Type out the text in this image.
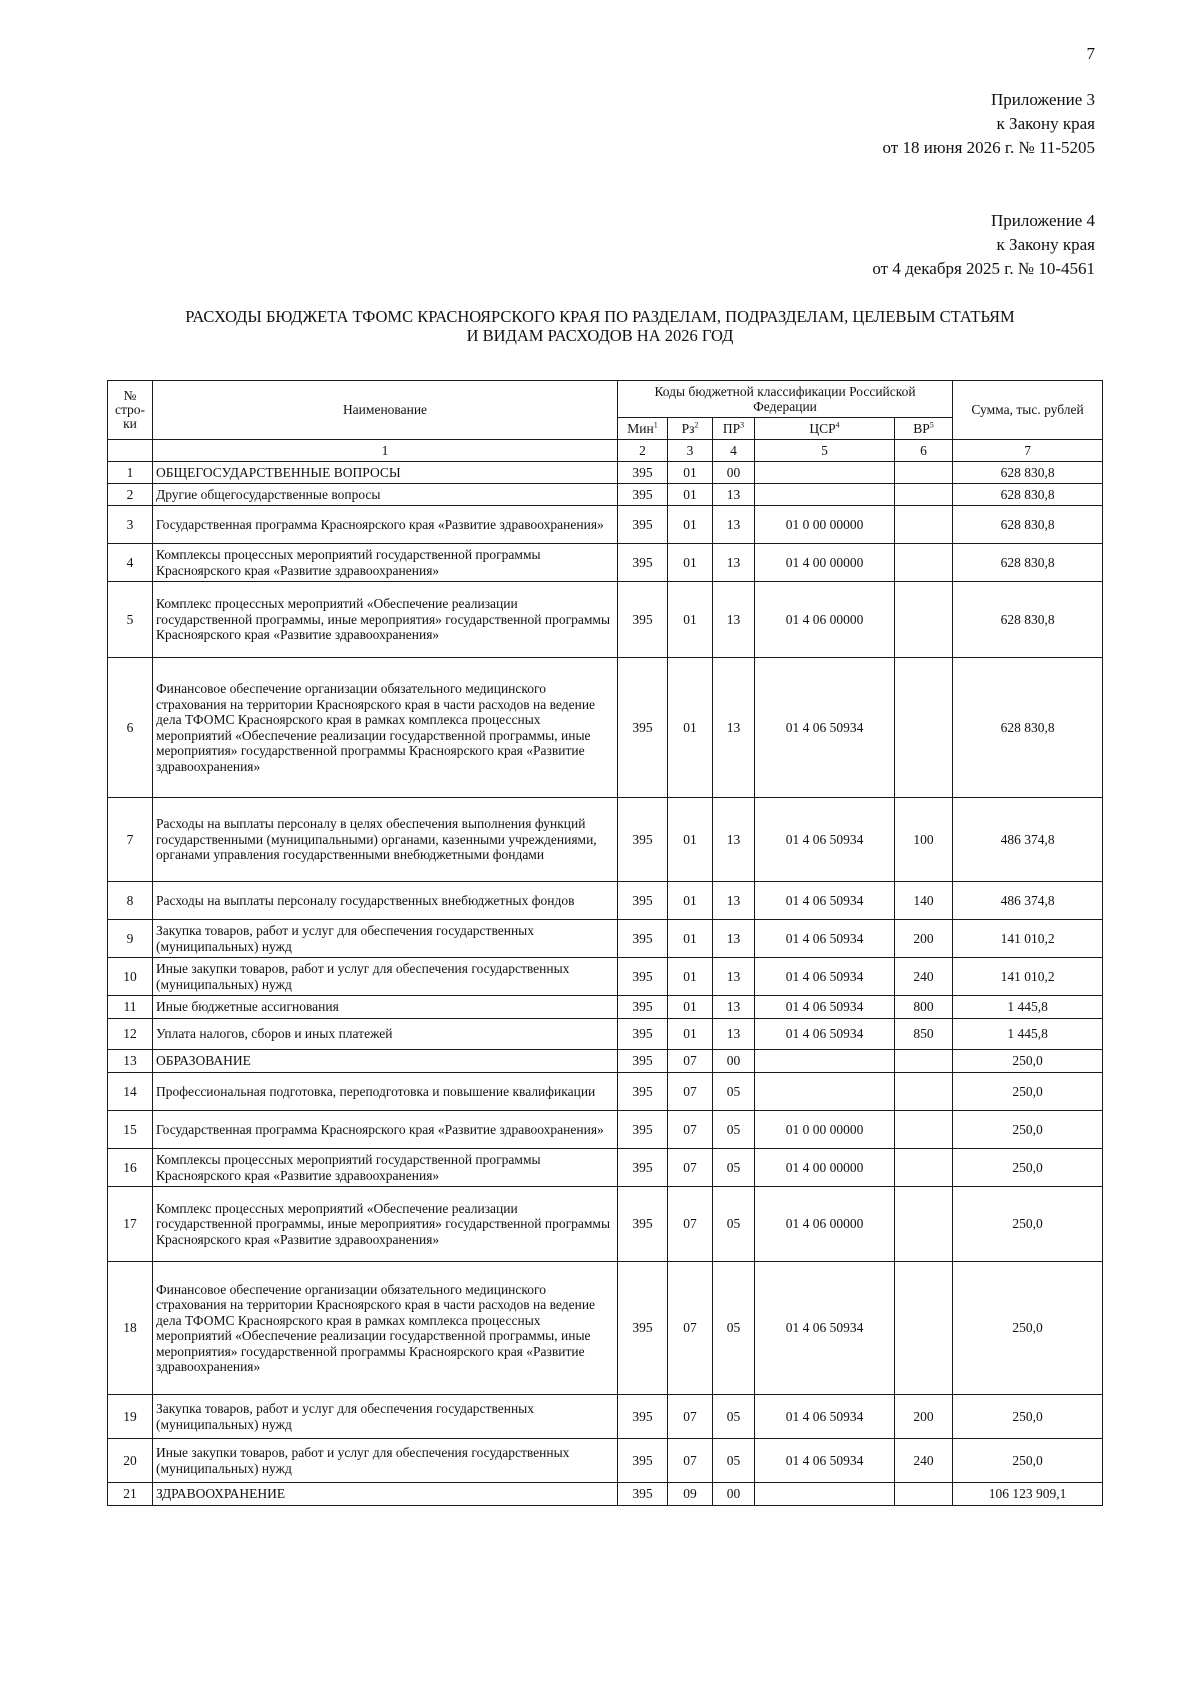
7
Приложение 3
к Закону края
от 18 июня 2026 г. № 11-5205
Приложение 4
к Закону края
от 4 декабря 2025 г. № 10-4561
РАСХОДЫ БЮДЖЕТА ТФОМС КРАСНОЯРСКОГО КРАЯ ПО РАЗДЕЛАМ, ПОДРАЗДЕЛАМ, ЦЕЛЕВЫМ СТАТЬЯМ
И ВИДАМ РАСХОДОВ НА 2026 ГОД
№
стро-
ки	Наименование	Коды бюджетной классификации Российской Федерации					Сумма, тыс. рублей
		Мин$^1$	$Рз^2$	$ПР^3$	ЦСР$^4$	$ВР^5$
	1	2	3	4	5	6	7
1	ОБЩЕГОСУДАРСТВЕННЫЕ ВОПРОСЫ	395	01	00			628 830,8
2	Другие общегосударственные вопросы	395	01	13			628 830,8
3	Государственная программа Красноярского края «Развитие здравоохранения»	395	01	13	01 0 00 00000		628 830,8
4	Комплексы процессных мероприятий государственной программы Красноярского края «Развитие здравоохранения»	395	01	13	01 4 00 00000		628 830,8
5	Комплекс процессных мероприятий «Обеспечение реализации государственной программы, иные мероприятия» государственной программы Красноярского края «Развитие здравоохранения»	395	01	13	01 4 06 00000		628 830,8
6	Финансовое обеспечение организации обязательного медицинского страхования на территории Красноярского края в части расходов на ведение дела ТФОМС Красноярского края в рамках комплекса процессных мероприятий «Обеспечение реализации государственной программы, иные мероприятия» государственной программы Красноярского края «Развитие здравоохранения»	395	01	13	01 4 06 50934		628 830,8
7	Расходы на выплаты персоналу в целях обеспечения выполнения функций государственными (муниципальными) органами, казенными учреждениями, органами управления государственными внебюджетными фондами	395	01	13	01 4 06 50934	100	486 374,8
8	Расходы на выплаты персоналу государственных внебюджетных фондов	395	01	13	01 4 06 50934	140	486 374,8
9	Закупка товаров, работ и услуг для обеспечения государственных (муниципальных) нужд	395	01	13	01 4 06 50934	200	141 010,2
10	Иные закупки товаров, работ и услуг для обеспечения государственных (муниципальных) нужд	395	01	13	01 4 06 50934	240	141 010,2
11	Иные бюджетные ассигнования	395	01	13	01 4 06 50934	800	1 445,8
12	Уплата налогов, сборов и иных платежей	395	01	13	01 4 06 50934	850	1 445,8
13	ОБРАЗОВАНИЕ	395	07	00			250,0
14	Профессиональная подготовка, переподготовка и повышение квалификации	395	07	05			250,0
15	Государственная программа Красноярского края «Развитие здравоохранения»	395	07	05	01 0 00 00000		250,0
16	Комплексы процессных мероприятий государственной программы Красноярского края «Развитие здравоохранения»	395	07	05	01 4 00 00000		250,0
17	Комплекс процессных мероприятий «Обеспечение реализации государственной программы, иные мероприятия» государственной программы Красноярского края «Развитие здравоохранения»	395	07	05	01 4 06 00000		250,0
18	Финансовое обеспечение организации обязательного медицинского страхования на территории Красноярского края в части расходов на ведение дела ТФОМС Красноярского края в рамках комплекса процессных мероприятий «Обеспечение реализации государственной программы, иные мероприятия» государственной программы Красноярского края «Развитие здравоохранения»	395	07	05	01 4 06 50934		250,0
19	Закупка товаров, работ и услуг для обеспечения государственных (муниципальных) нужд	395	07	05	01 4 06 50934	200	250,0
20	Иные закупки товаров, работ и услуг для обеспечения государственных (муниципальных) нужд	395	07	05	01 4 06 50934	240	250,0
21	ЗДРАВООХРАНЕНИЕ	395	09	00			106 123 909,1
